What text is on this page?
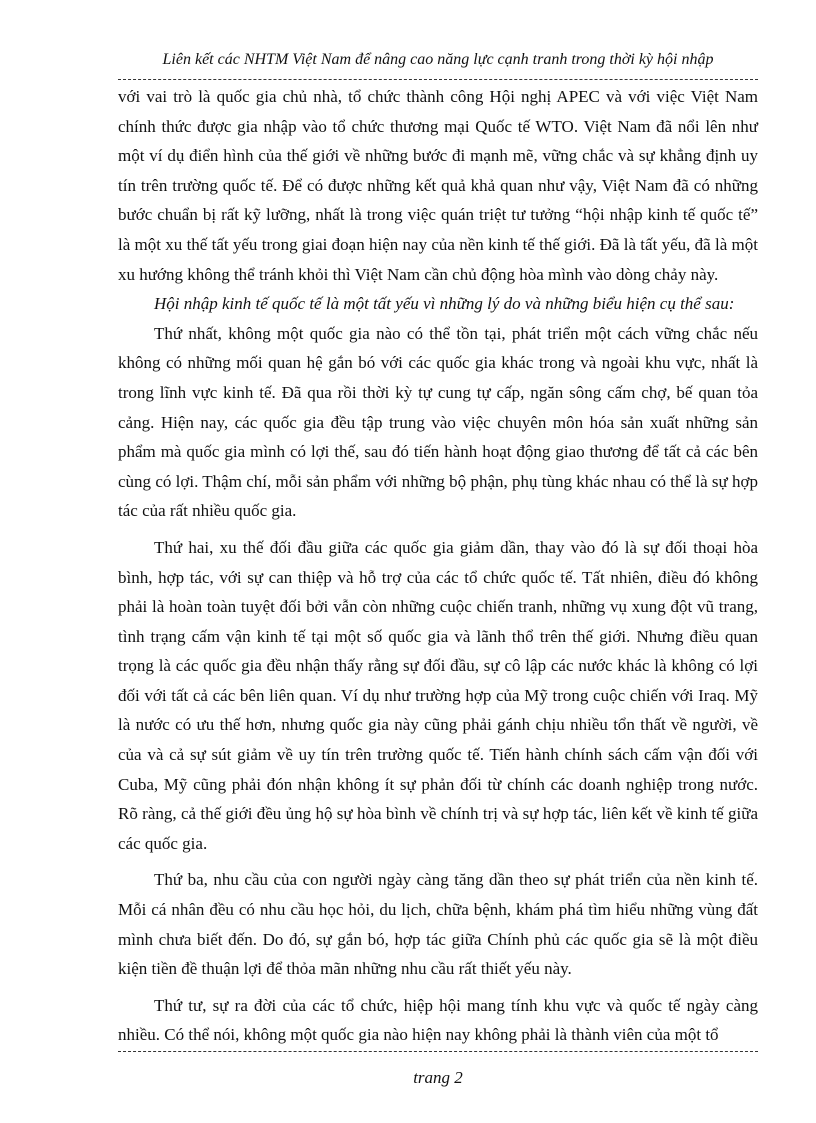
Liên kết các NHTM Việt Nam để nâng cao năng lực cạnh tranh trong thời kỳ hội nhập

với vai trò là quốc gia chủ nhà, tổ chức thành công Hội nghị APEC và với việc Việt Nam chính thức được gia nhập vào tổ chức thương mại Quốc tế WTO. Việt Nam đã nổi lên như một ví dụ điển hình của thế giới về những bước đi mạnh mẽ, vững chắc và sự khẳng định uy tín trên trường quốc tế. Để có được những kết quả khả quan như vậy, Việt Nam đã có những bước chuẩn bị rất kỹ lưỡng, nhất là trong việc quán triệt tư tưởng “hội nhập kinh tế quốc tế” là một xu thế tất yếu trong giai đoạn hiện nay của nền kinh tế thế giới. Đã là tất yếu, đã là một xu hướng không thể tránh khỏi thì Việt Nam cần chủ động hòa mình vào dòng chảy này.

Hội nhập kinh tế quốc tế là một tất yếu vì những lý do và những biểu hiện cụ thể sau:

Thứ nhất, không một quốc gia nào có thể tồn tại, phát triển một cách vững chắc nếu không có những mối quan hệ gắn bó với các quốc gia khác trong và ngoài khu vực, nhất là trong lĩnh vực kinh tế. Đã qua rồi thời kỳ tự cung tự cấp, ngăn sông cấm chợ, bế quan tỏa cảng. Hiện nay, các quốc gia đều tập trung vào việc chuyên môn hóa sản xuất những sản phẩm mà quốc gia mình có lợi thế, sau đó tiến hành hoạt động giao thương để tất cả các bên cùng có lợi. Thậm chí, mỗi sản phẩm với những bộ phận, phụ tùng khác nhau có thể là sự hợp tác của rất nhiều quốc gia.

Thứ hai, xu thế đối đầu giữa các quốc gia giảm dần, thay vào đó là sự đối thoại hòa bình, hợp tác, với sự can thiệp và hỗ trợ của các tổ chức quốc tế. Tất nhiên, điều đó không phải là hoàn toàn tuyệt đối bởi vẫn còn những cuộc chiến tranh, những vụ xung đột vũ trang, tình trạng cấm vận kinh tế tại một số quốc gia và lãnh thổ trên thế giới. Nhưng điều quan trọng là các quốc gia đều nhận thấy rằng sự đối đầu, sự cô lập các nước khác là không có lợi đối với tất cả các bên liên quan. Ví dụ như trường hợp của Mỹ trong cuộc chiến với Iraq. Mỹ là nước có ưu thế hơn, nhưng quốc gia này cũng phải gánh chịu nhiều tổn thất về người, về của và cả sự sút giảm về uy tín trên trường quốc tế. Tiến hành chính sách cấm vận đối với Cuba, Mỹ cũng phải đón nhận không ít sự phản đối từ chính các doanh nghiệp trong nước. Rõ ràng, cả thế giới đều ủng hộ sự hòa bình về chính trị và sự hợp tác, liên kết về kinh tế giữa các quốc gia.

Thứ ba, nhu cầu của con người ngày càng tăng dần theo sự phát triển của nền kinh tế. Mỗi cá nhân đều có nhu cầu học hỏi, du lịch, chữa bệnh, khám phá tìm hiểu những vùng đất mình chưa biết đến. Do đó, sự gắn bó, hợp tác giữa Chính phủ các quốc gia sẽ là một điều kiện tiền đề thuận lợi để thỏa mãn những nhu cầu rất thiết yếu này.

Thứ tư, sự ra đời của các tổ chức, hiệp hội mang tính khu vực và quốc tế ngày càng nhiều. Có thể nói, không một quốc gia nào hiện nay không phải là thành viên của một tổ

trang 2
